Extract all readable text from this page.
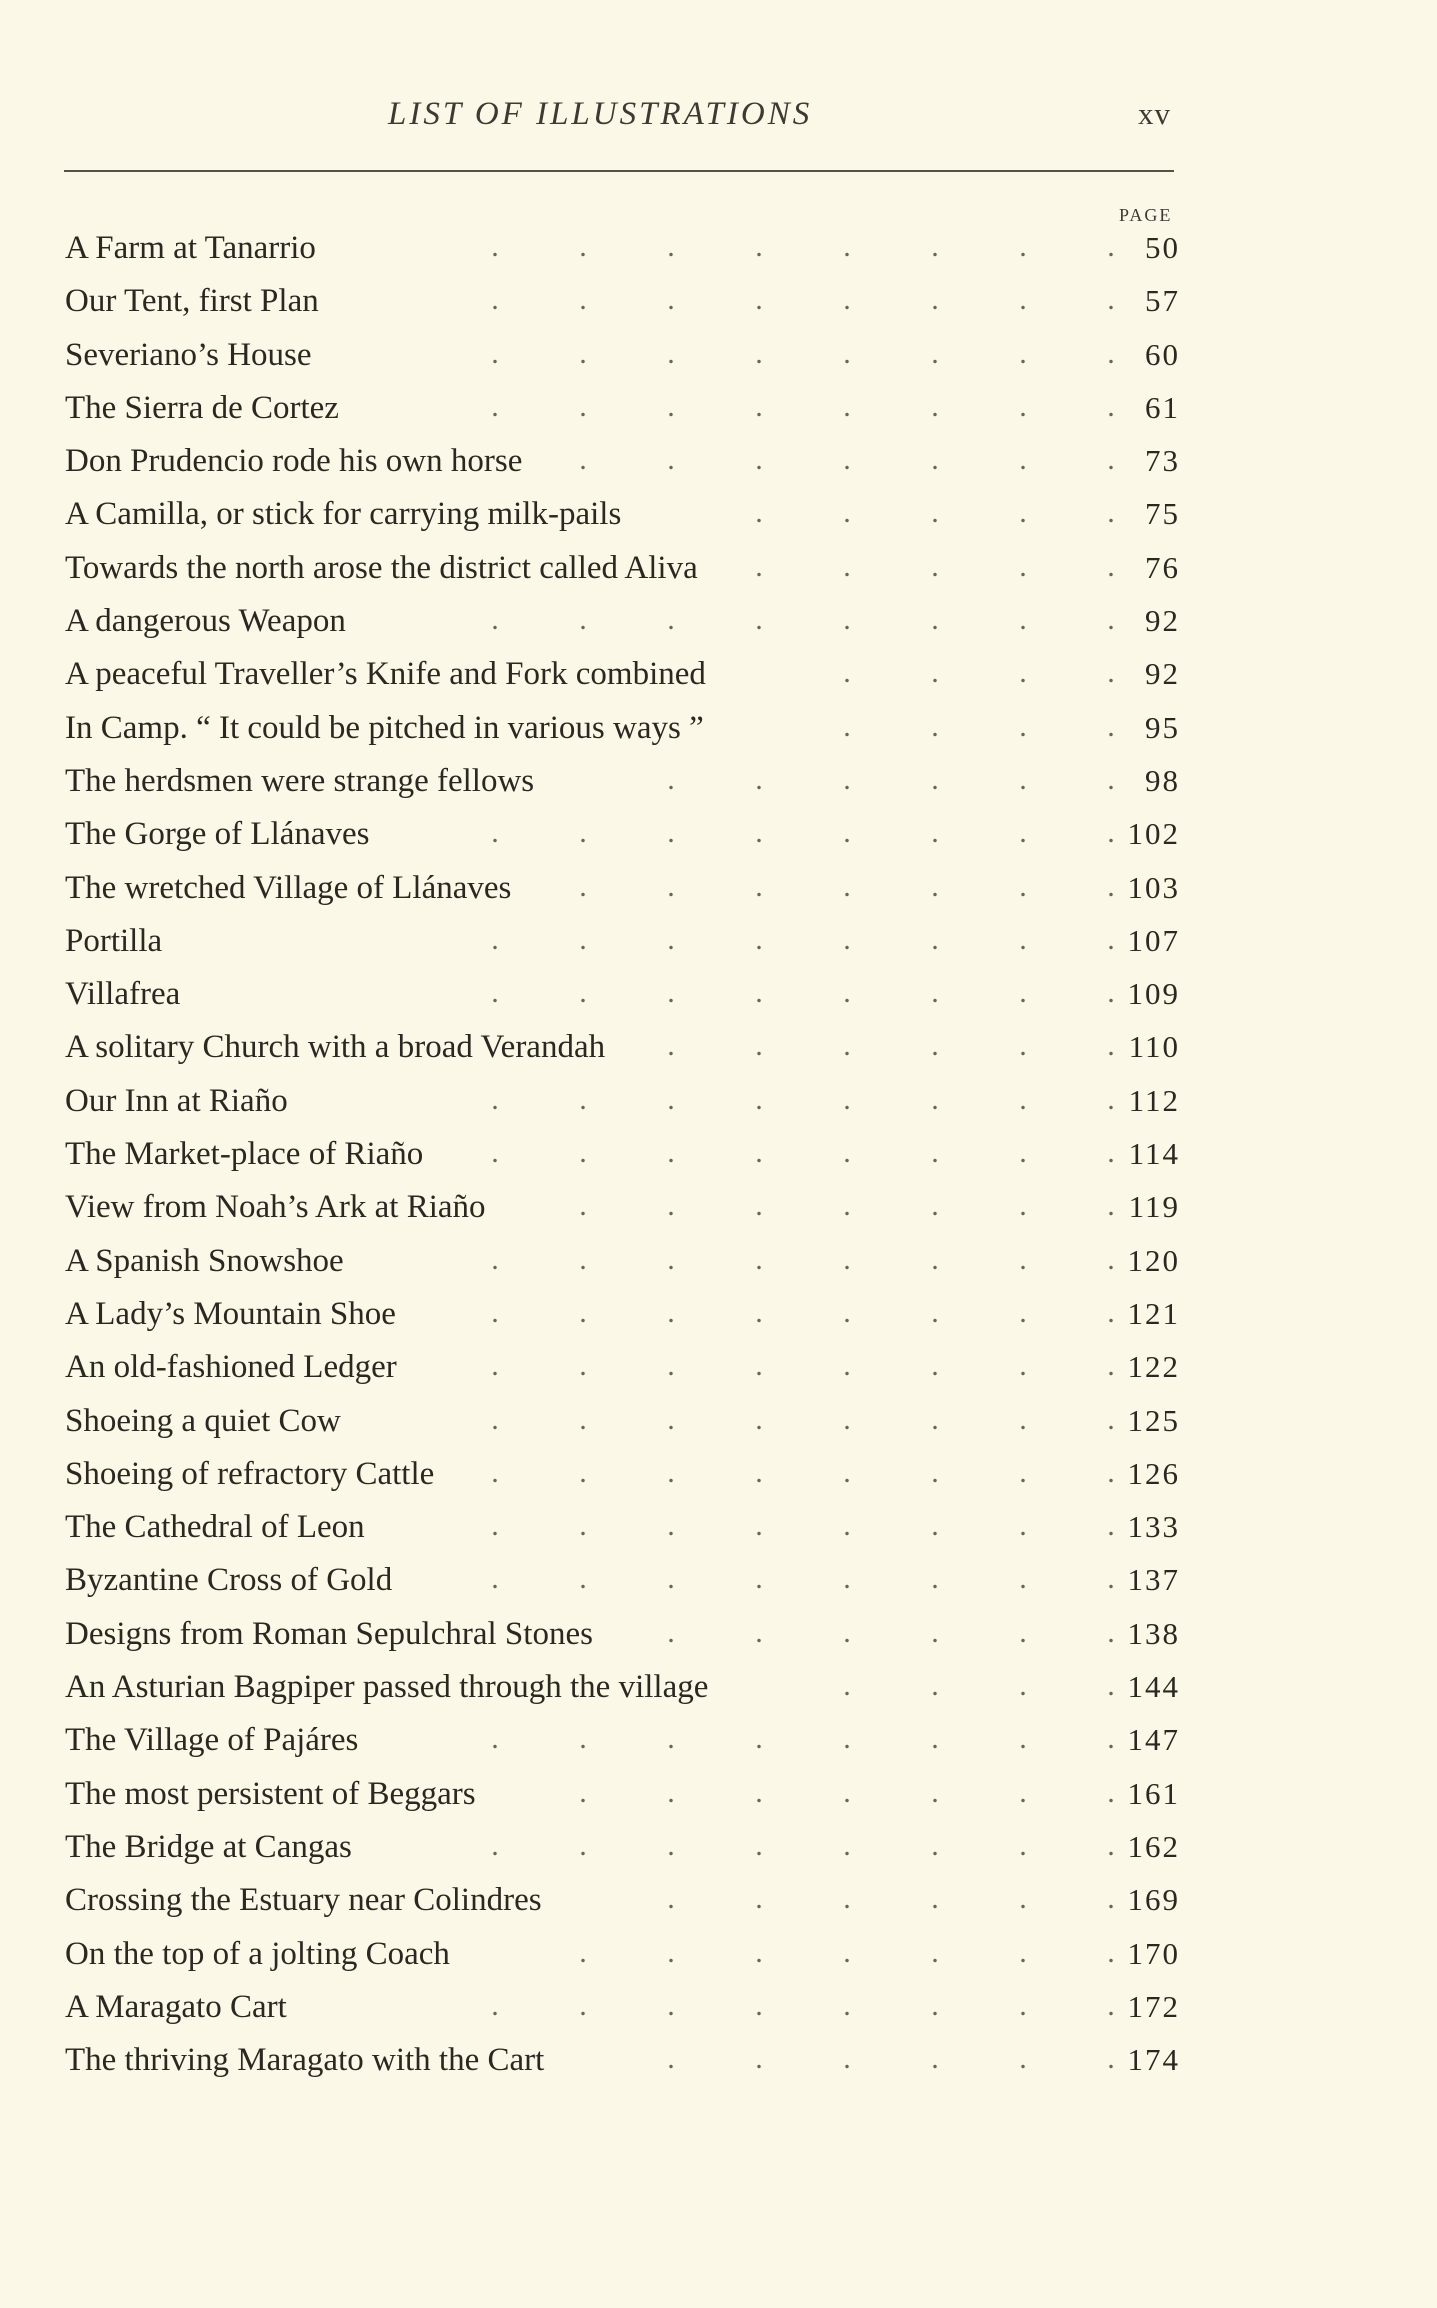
LIST OF ILLUSTRATIONS	xv
PAGE
.	.	.	.	.	.	.	.
A Farm at Tanarrio	50
.	.	.	.	.	.	.	.
Our Tent, first Plan	57
.	.	.	.	.	.	.	.
Severiano’s House	60
.	.	.	.	.	.	.	.
The Sierra de Cortez	61
.	.	.	.	.	.	.
Don Prudencio rode his own horse	73
.	.	.	.	.
A Camilla, or stick for carrying milk-pails	75
.	.	.	.	.
Towards the north arose the district called Aliva	76
.	.	.	.	.	.	.	.
A dangerous Weapon	92
.	.	.	.
A peaceful Traveller’s Knife and Fork combined	92
.	.	.	.
In Camp. “ It could be pitched in various ways ”	95
.	.	.	.	.	.
The herdsmen were strange fellows	98
.	.	.	.	.	.	.	.
The Gorge of Llánaves	102
.	.	.	.	.	.	.
The wretched Village of Llánaves	103
.	.	.	.	.	.	.	.
Portilla	107
.	.	.	.	.	.	.	.
Villafrea	109
.	.	.	.	.	.
A solitary Church with a broad Verandah	110
.	.	.	.	.	.	.	.
Our Inn at Riaño	112
.	.	.	.	.	.	.	.
The Market-place of Riaño	114
.	.	.	.	.	.	.
View from Noah’s Ark at Riaño	119
.	.	.	.	.	.	.	.
A Spanish Snowshoe	120
.	.	.	.	.	.	.	.
A Lady’s Mountain Shoe	121
.	.	.	.	.	.	.	.
An old-fashioned Ledger	122
.	.	.	.	.	.	.	.
Shoeing a quiet Cow	125
.	.	.	.	.	.	.	.
Shoeing of refractory Cattle	126
.	.	.	.	.	.	.	.
The Cathedral of Leon	133
.	.	.	.	.	.	.	.
Byzantine Cross of Gold	137
.	.	.	.	.	.
Designs from Roman Sepulchral Stones	138
.	.	.	.
An Asturian Bagpiper passed through the village	144
.	.	.	.	.	.	.	.
The Village of Pajáres	147
.	.	.	.	.	.	.
The most persistent of Beggars	161
.	.	.	.	.	.	.	.
The Bridge at Cangas	162
.	.	.	.	.	.
Crossing the Estuary near Colindres	169
.	.	.	.	.	.	.
On the top of a jolting Coach	170
.	.	.	.	.	.	.	.
A Maragato Cart	172
.	.	.	.	.	.
The thriving Maragato with the Cart	174
